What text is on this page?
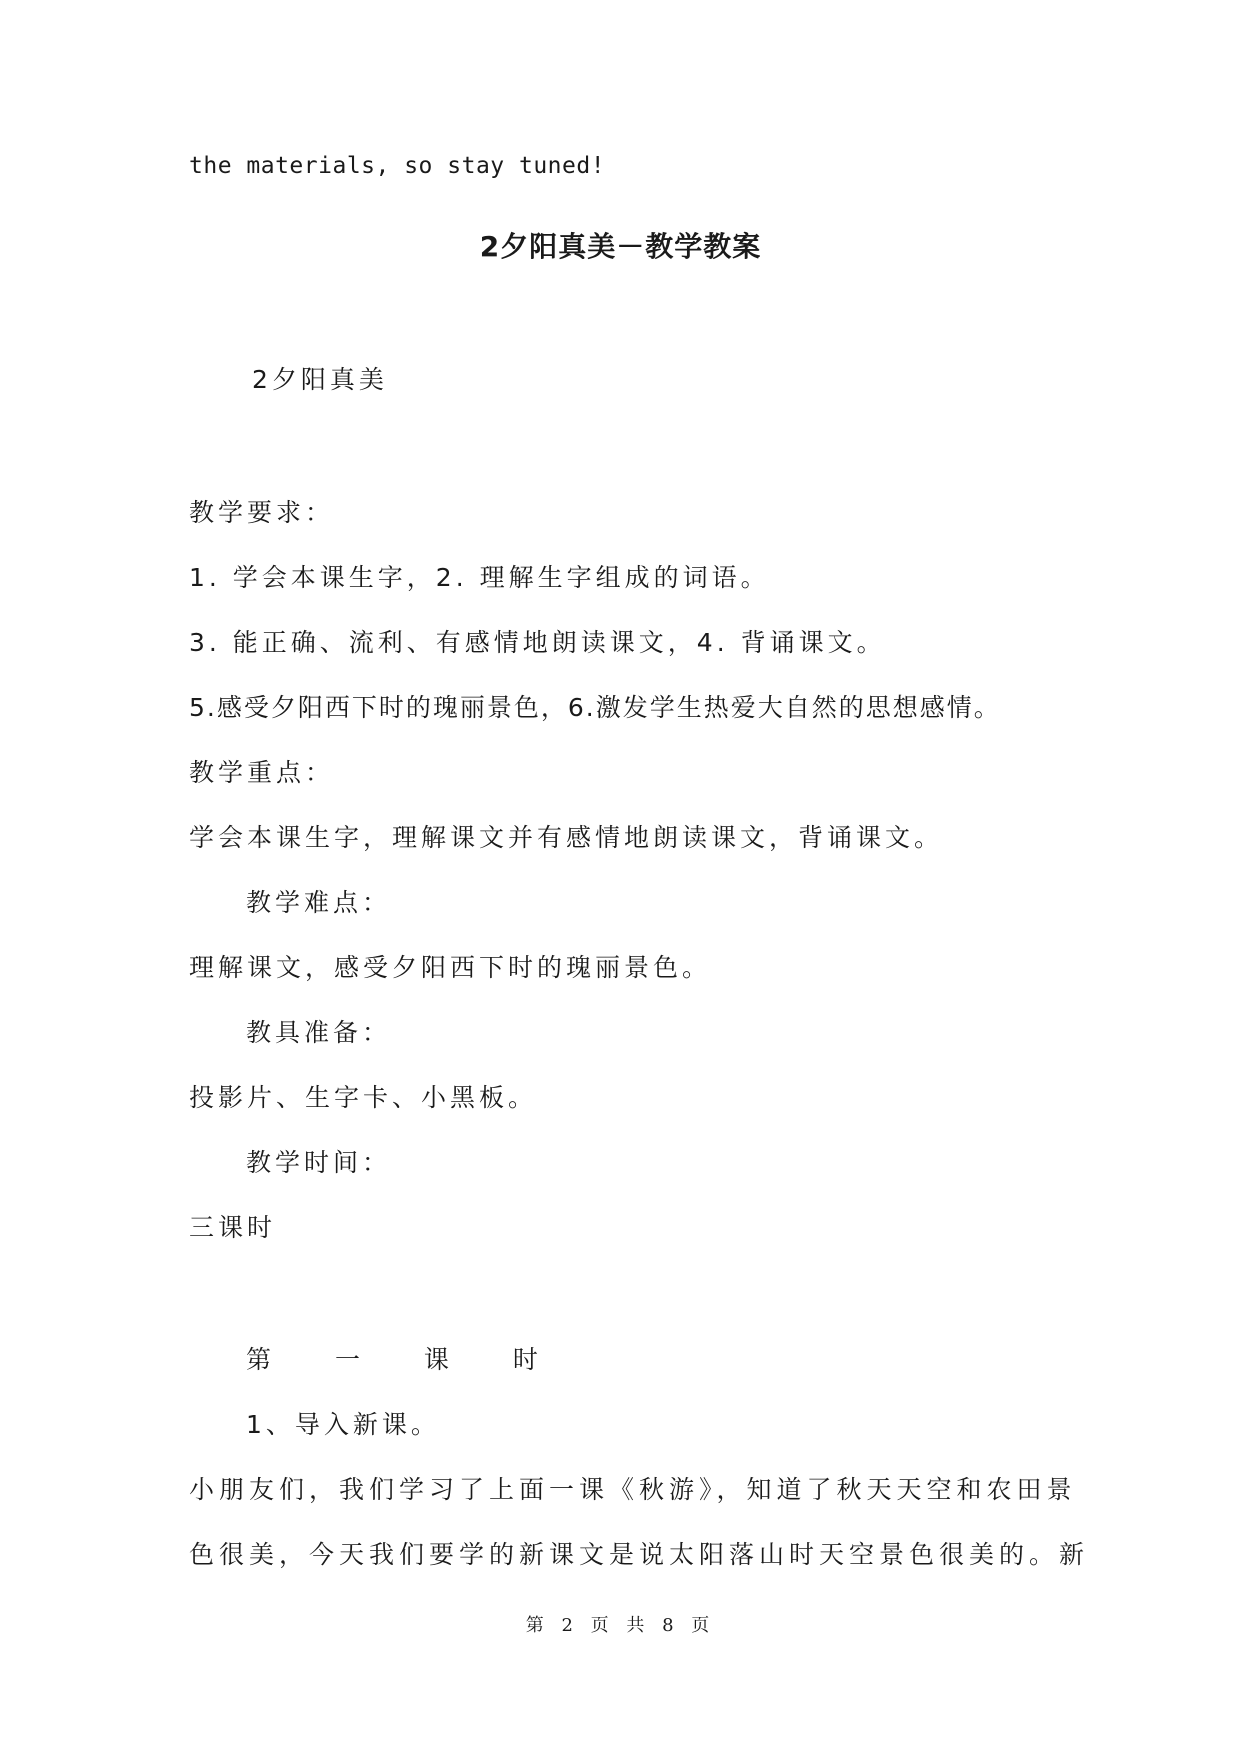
the materials, so stay tuned!
2夕阳真美－教学教案
2夕阳真美
教学要求：
1. 学会本课生字，2. 理解生字组成的词语。
3. 能正确、流利、有感情地朗读课文，4. 背诵课文。
5.感受夕阳西下时的瑰丽景色，6.激发学生热爱大自然的思想感情。
教学重点：
学会本课生字，理解课文并有感情地朗读课文，背诵课文。
教学难点：
理解课文，感受夕阳西下时的瑰丽景色。
教具准备：
投影片、生字卡、小黑板。
教学时间：
三课时
第 一 课 时
1、导入新课。
小朋友们，我们学习了上面一课《秋游》，知道了秋天天空和农田景
色很美，今天我们要学的新课文是说太阳落山时天空景色很美的。新
第 2 页 共 8 页
